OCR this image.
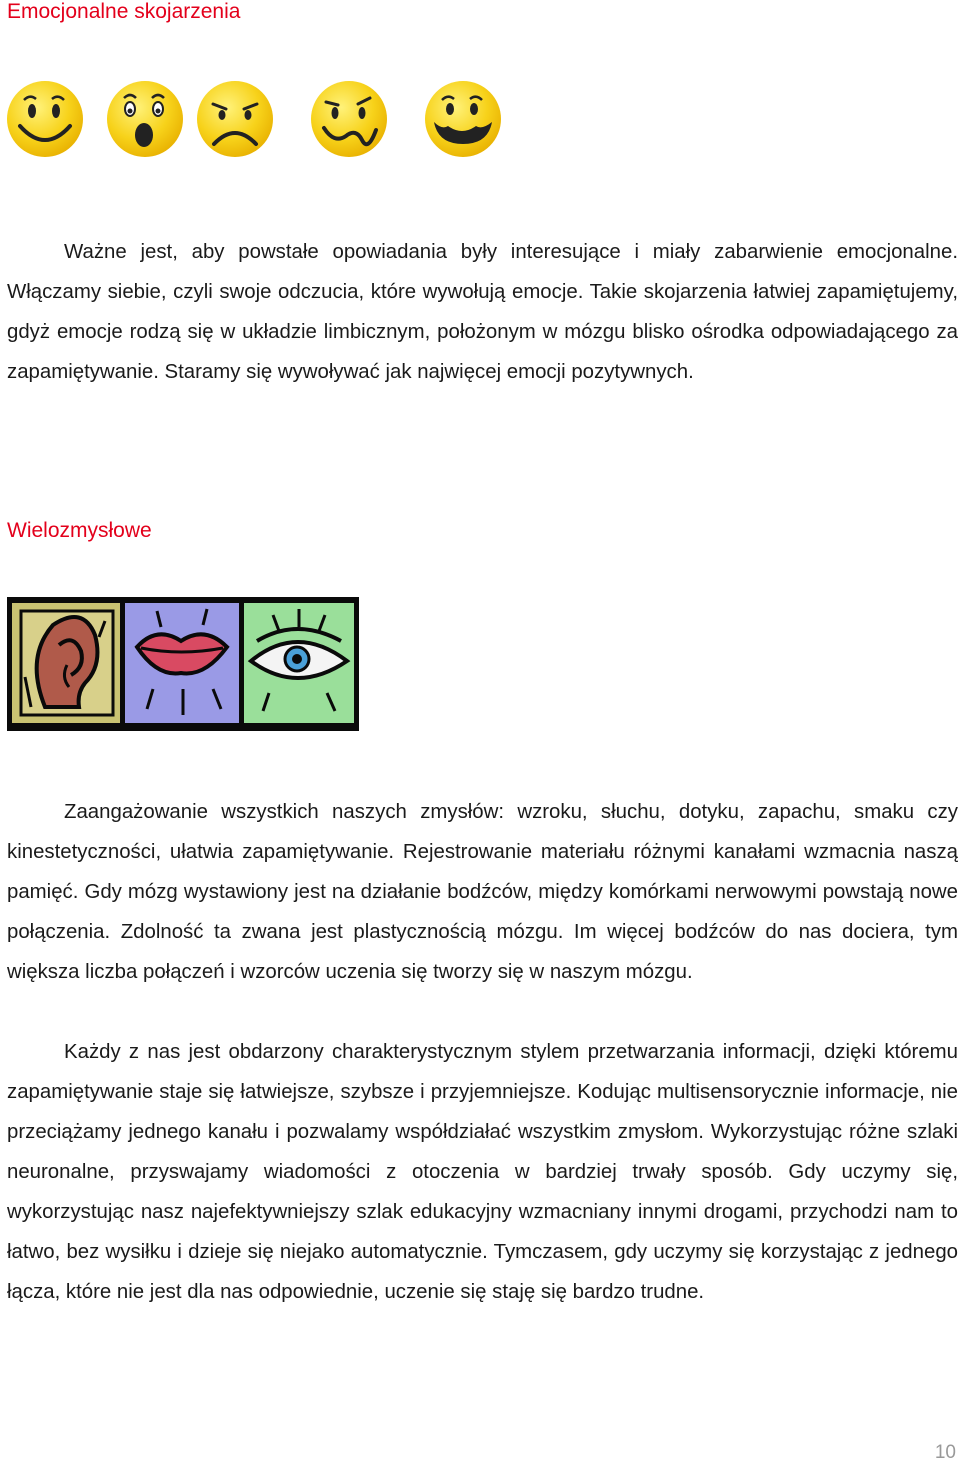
Emocjonalne skojarzenia

Ważne jest, aby powstałe opowiadania były interesujące i miały zabarwienie emocjonalne. Włączamy siebie, czyli swoje odczucia, które wywołują emocje. Takie skojarzenia łatwiej zapamiętujemy, gdyż emocje rodzą się w układzie limbicznym, położonym w mózgu blisko ośrodka odpowiadającego za zapamiętywanie. Staramy się wywoływać jak najwięcej emocji pozytywnych.

Wielozmysłowe

Zaangażowanie wszystkich naszych zmysłów: wzroku, słuchu, dotyku, zapachu, smaku czy kinestetyczności, ułatwia zapamiętywanie. Rejestrowanie materiału różnymi kanałami wzmacnia naszą pamięć. Gdy mózg wystawiony jest na działanie bodźców, między komórkami nerwowymi powstają nowe połączenia. Zdolność ta zwana jest plastycznością mózgu. Im więcej bodźców do nas dociera, tym większa liczba połączeń i wzorców uczenia się tworzy się w naszym mózgu.

Każdy z nas jest obdarzony charakterystycznym stylem przetwarzania informacji, dzięki któremu zapamiętywanie staje się łatwiejsze, szybsze i przyjemniejsze. Kodując multisensorycznie informacje, nie przeciążamy jednego kanału i pozwalamy współdziałać wszystkim zmysłom. Wykorzystując różne szlaki neuronalne, przyswajamy wiadomości z otoczenia w bardziej trwały sposób. Gdy uczymy się, wykorzystując nasz najefektywniejszy szlak edukacyjny wzmacniany innymi drogami, przychodzi nam to łatwo, bez wysiłku i dzieje się niejako automatycznie. Tymczasem, gdy uczymy się korzystając z jednego łącza, które nie jest dla nas odpowiednie, uczenie się staję się bardzo trudne.

10
